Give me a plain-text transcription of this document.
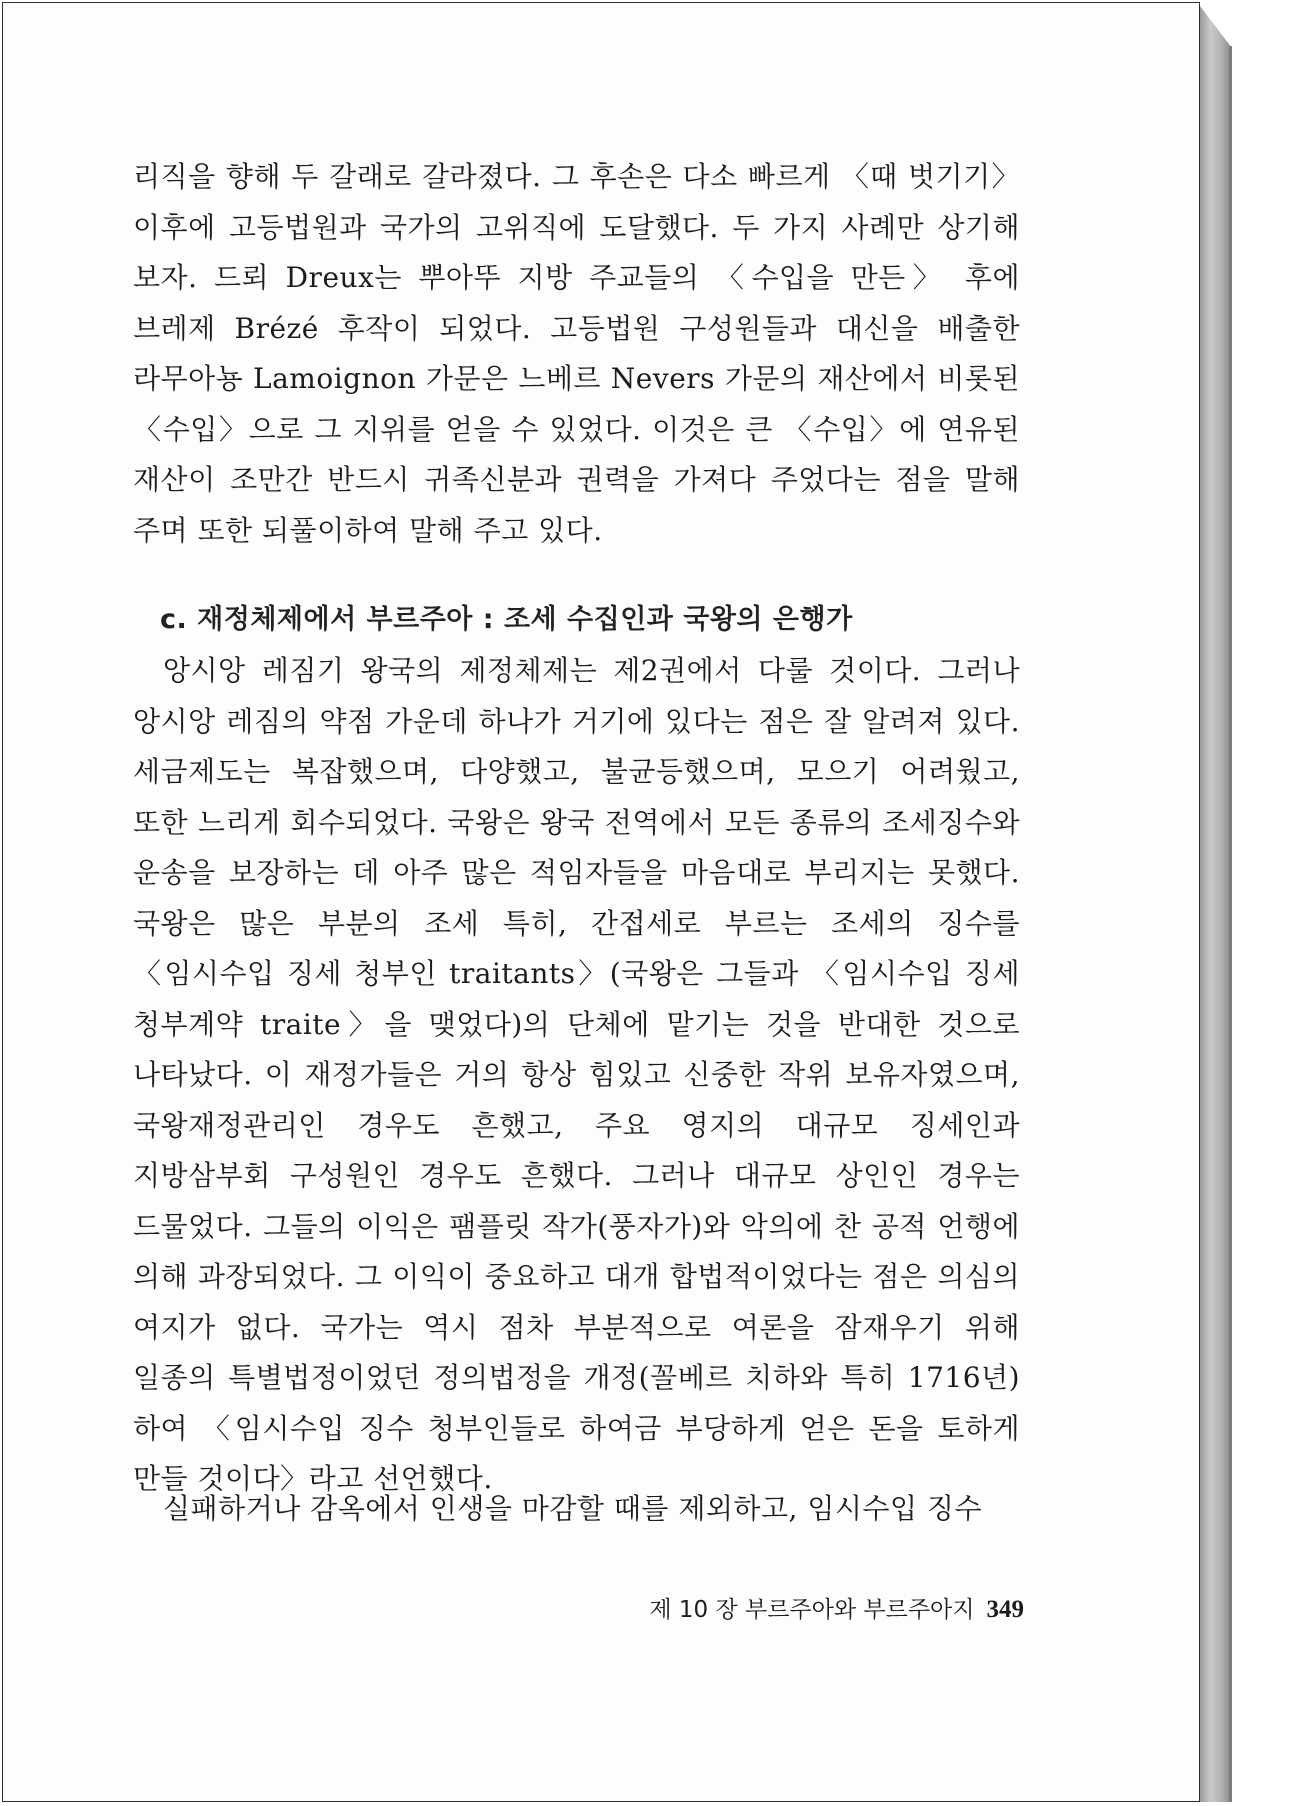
리직을 향해 두 갈래로 갈라졌다. 그 후손은 다소 빠르게 〈때 벗기기〉 이후에 고등법원과 국가의 고위직에 도달했다. 두 가지 사례만 상기해 보자. 드뢰 Dreux는 뿌아뚜 지방 주교들의 〈수입을 만든〉 후에 브레제 Brézé 후작이 되었다. 고등법원 구성원들과 대신을 배출한 라무아뇽 Lamoignon 가문은 느베르 Nevers 가문의 재산에서 비롯된 〈수입〉으로 그 지위를 얻을 수 있었다. 이것은 큰 〈수입〉에 연유된 재산이 조만간 반드시 귀족신분과 권력을 가져다 주었다는 점을 말해 주며 또한 되풀이하여 말해 주고 있다.

c. 재정체제에서 부르주아 : 조세 수집인과 국왕의 은행가

앙시앙 레짐기 왕국의 제정체제는 제2권에서 다룰 것이다. 그러나 앙시앙 레짐의 약점 가운데 하나가 거기에 있다는 점은 잘 알려져 있다. 세금제도는 복잡했으며, 다양했고, 불균등했으며, 모으기 어려웠고, 또한 느리게 회수되었다. 국왕은 왕국 전역에서 모든 종류의 조세징수와 운송을 보장하는 데 아주 많은 적임자들을 마음대로 부리지는 못했다. 국왕은 많은 부분의 조세 특히, 간접세로 부르는 조세의 징수를 〈임시수입 징세 청부인 traitants〉(국왕은 그들과 〈임시수입 징세 청부계약 traite〉을 맺었다)의 단체에 맡기는 것을 반대한 것으로 나타났다. 이 재정가들은 거의 항상 힘있고 신중한 작위 보유자였으며, 국왕재정관리인 경우도 흔했고, 주요 영지의 대규모 징세인과 지방삼부회 구성원인 경우도 흔했다. 그러나 대규모 상인인 경우는 드물었다. 그들의 이익은 팸플릿 작가(풍자가)와 악의에 찬 공적 언행에 의해 과장되었다. 그 이익이 중요하고 대개 합법적이었다는 점은 의심의 여지가 없다. 국가는 역시 점차 부분적으로 여론을 잠재우기 위해 일종의 특별법정이었던 정의법정을 개정(꼴베르 치하와 특히 1716년)하여 〈임시수입 징수 청부인들로 하여금 부당하게 얻은 돈을 토하게 만들 것이다〉라고 선언했다.

실패하거나 감옥에서 인생을 마감할 때를 제외하고, 임시수입 징수

제 10 장 부르주아와 부르주아지 349
